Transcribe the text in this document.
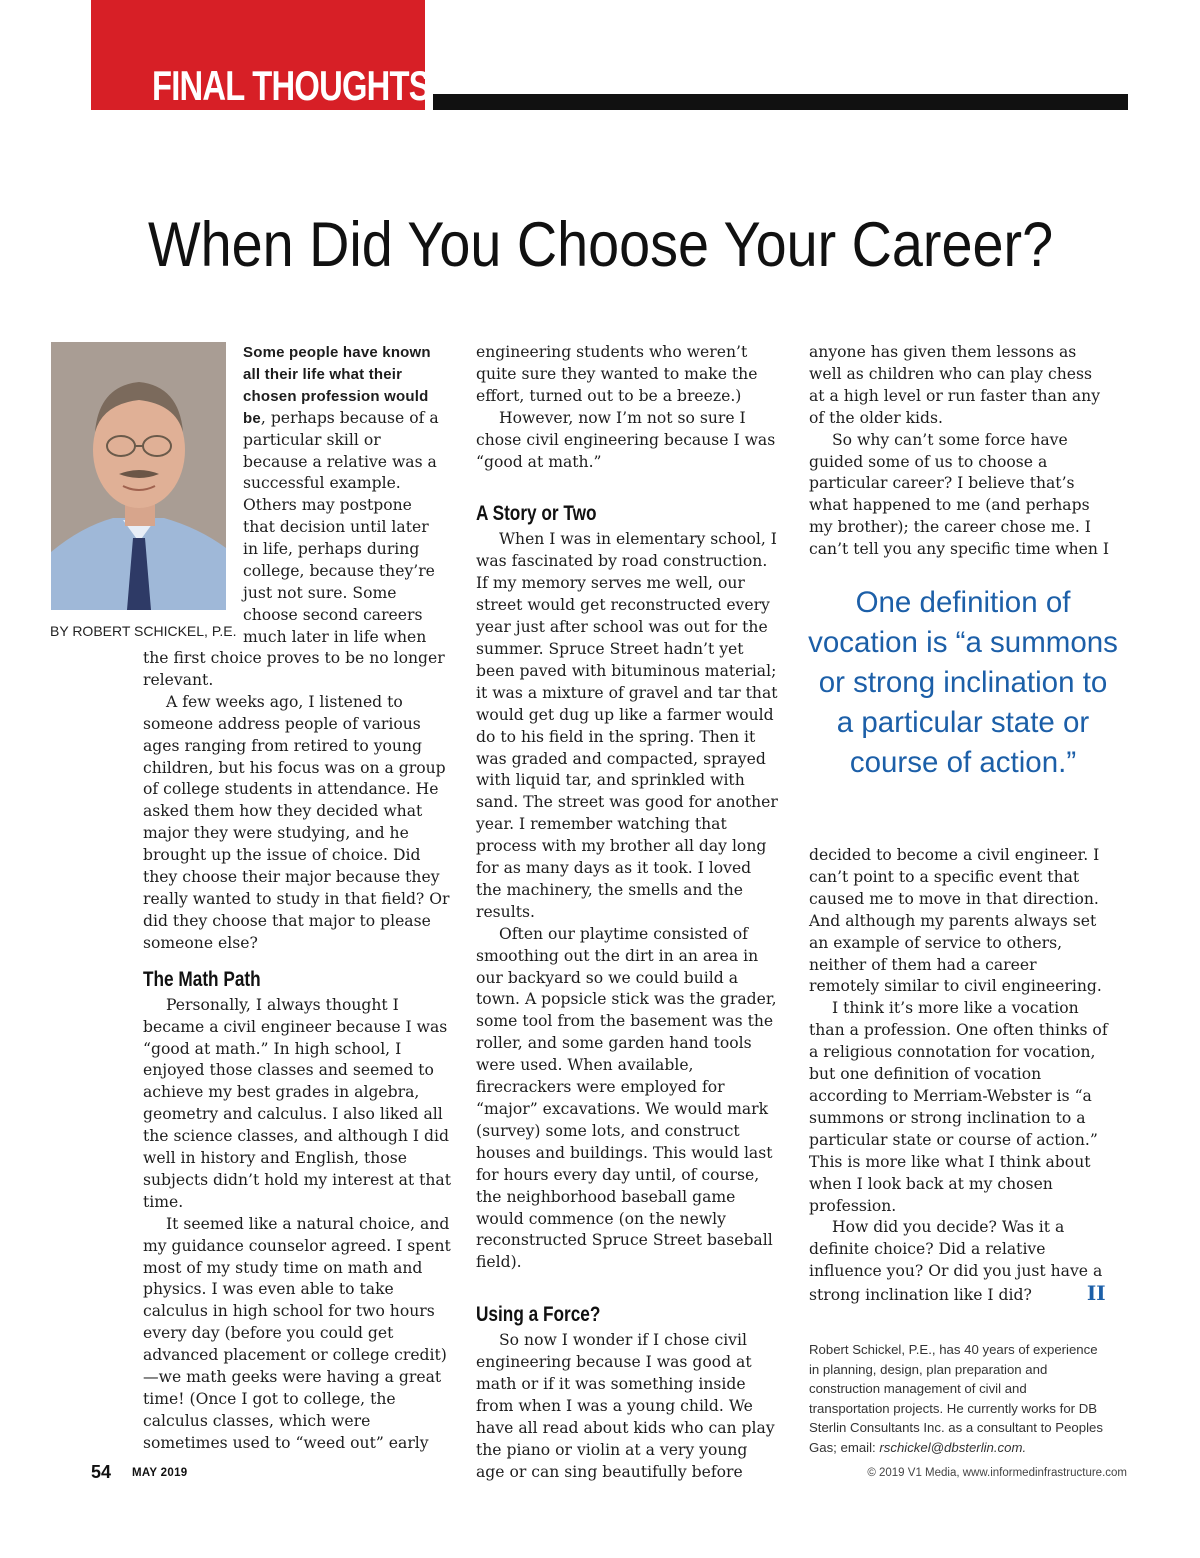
FINAL THOUGHTS
When Did You Choose Your Career?
BY ROBERT SCHICKEL, P.E.

Some people have known all their life what their chosen profession would be, perhaps because of a particular skill or because a relative was a successful example. Others may postpone that decision until later in life, perhaps during college, because they’re just not sure. Some choose second careers much later in life when

the first choice proves to be no longer relevant.

A few weeks ago, I listened to someone address people of various ages ranging from retired to young children, but his focus was on a group of college students in attendance. He asked them how they decided what major they were studying, and he brought up the issue of choice. Did they choose their major because they really wanted to study in that field? Or did they choose that major to please someone else?

The Math Path

Personally, I always thought I became a civil engineer because I was “good at math.” In high school, I enjoyed those classes and seemed to achieve my best grades in algebra, geometry and calculus. I also liked all the science classes, and although I did well in history and English, those subjects didn’t hold my interest at that time.

It seemed like a natural choice, and my guidance counselor agreed. I spent most of my study time on math and physics. I was even able to take calculus in high school for two hours every day (before you could get advanced placement or college credit)—we math geeks were having a great time! (Once I got to college, the calculus classes, which were sometimes used to “weed out” early

engineering students who weren’t quite sure they wanted to make the effort, turned out to be a breeze.)

However, now I’m not so sure I chose civil engineering because I was “good at math.”

A Story or Two

When I was in elementary school, I was fascinated by road construction. If my memory serves me well, our street would get reconstructed every year just after school was out for the summer. Spruce Street hadn’t yet been paved with bituminous material; it was a mixture of gravel and tar that would get dug up like a farmer would do to his field in the spring. Then it was graded and compacted, sprayed with liquid tar, and sprinkled with sand. The street was good for another year. I remember watching that process with my brother all day long for as many days as it took. I loved the machinery, the smells and the results.

Often our playtime consisted of smoothing out the dirt in an area in our backyard so we could build a town. A popsicle stick was the grader, some tool from the basement was the roller, and some garden hand tools were used. When available, firecrackers were employed for “major” excavations. We would mark (survey) some lots, and construct houses and buildings. This would last for hours every day until, of course, the neighborhood baseball game would commence (on the newly reconstructed Spruce Street baseball field).

Using a Force?

So now I wonder if I chose civil engineering because I was good at math or if it was something inside from when I was a young child. We have all read about kids who can play the piano or violin at a very young age or can sing beautifully before

anyone has given them lessons as well as children who can play chess at a high level or run faster than any of the older kids.

So why can’t some force have guided some of us to choose a particular career? I believe that’s what happened to me (and perhaps my brother); the career chose me. I can’t tell you any specific time when I

One definition of vocation is “a summons or strong inclination to a particular state or course of action.”

decided to become a civil engineer. I can’t point to a specific event that caused me to move in that direction. And although my parents always set an example of service to others, neither of them had a career remotely similar to civil engineering.

I think it’s more like a vocation than a profession. One often thinks of a religious connotation for vocation, but one definition of vocation according to Merriam-Webster is “a summons or strong inclination to a particular state or course of action.” This is more like what I think about when I look back at my chosen profession.

How did you decide? Was it a definite choice? Did a relative influence you? Or did you just have a strong inclination like I did?	II

Robert Schickel, P.E., has 40 years of experience in planning, design, plan preparation and construction management of civil and transportation projects. He currently works for DB Sterlin Consultants Inc. as a consultant to Peoples Gas; email: rschickel@dbsterlin.com.
54 MAY 2019	© 2019 V1 Media, www.informedinfrastructure.com
